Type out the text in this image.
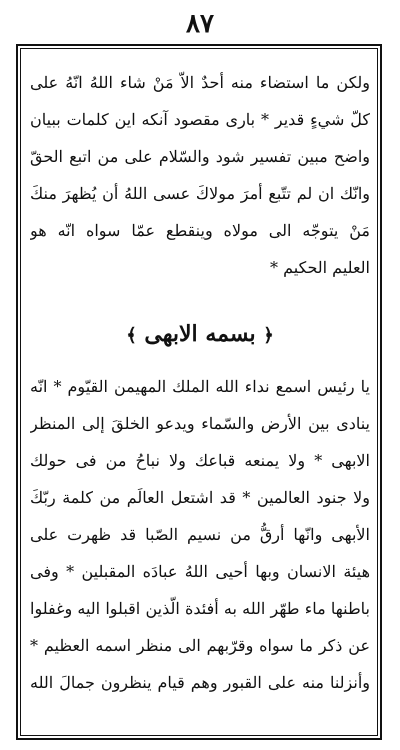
۸۷
ولكن ما استضاء منه أحدٌ الاّ مَنْ شاء اللهُ انّهُ على
كلّ شيءٍ قدير * بارى مقصود آنكه اين كلمات ببيان
واضح مبين تفسير شود والسّلام على من اتبع الحقّ
وانّك ان لم تتّبع أمرَ مولاكَ عسى اللهُ أن يُظهرَ منكَ
مَنْ يتوجّه الى مولاه وينقطع عمّا سواه انّه هو
العليم الحكيم *
﴿ بسمه الابهى ﴾
يا رئيس اسمع نداء الله الملك المهيمن القيّوم * انّه
ينادى بين الأرض والسّماء ويدعو الخلقَ إلى المنظر
الابهى * ولا يمنعه قباعك ولا نباحُ من فى حولك
ولا جنود العالمين * قد اشتعل العالَم من كلمة ربّكَ
الأبهى وانّها أرقُّ من نسيم الصّبا قد ظهرت على
هيئة الانسان وبها أحيى اللهُ عبادَه المقبلين * وفى
باطنها ماء طهّر الله به أفئدة الّذين اقبلوا اليه وغفلوا
عن ذكر ما سواه وقرّبهم الى منظر اسمه العظيم *
وأنزلنا منه على القبور وهم قيام ينظرون جمالَ الله
